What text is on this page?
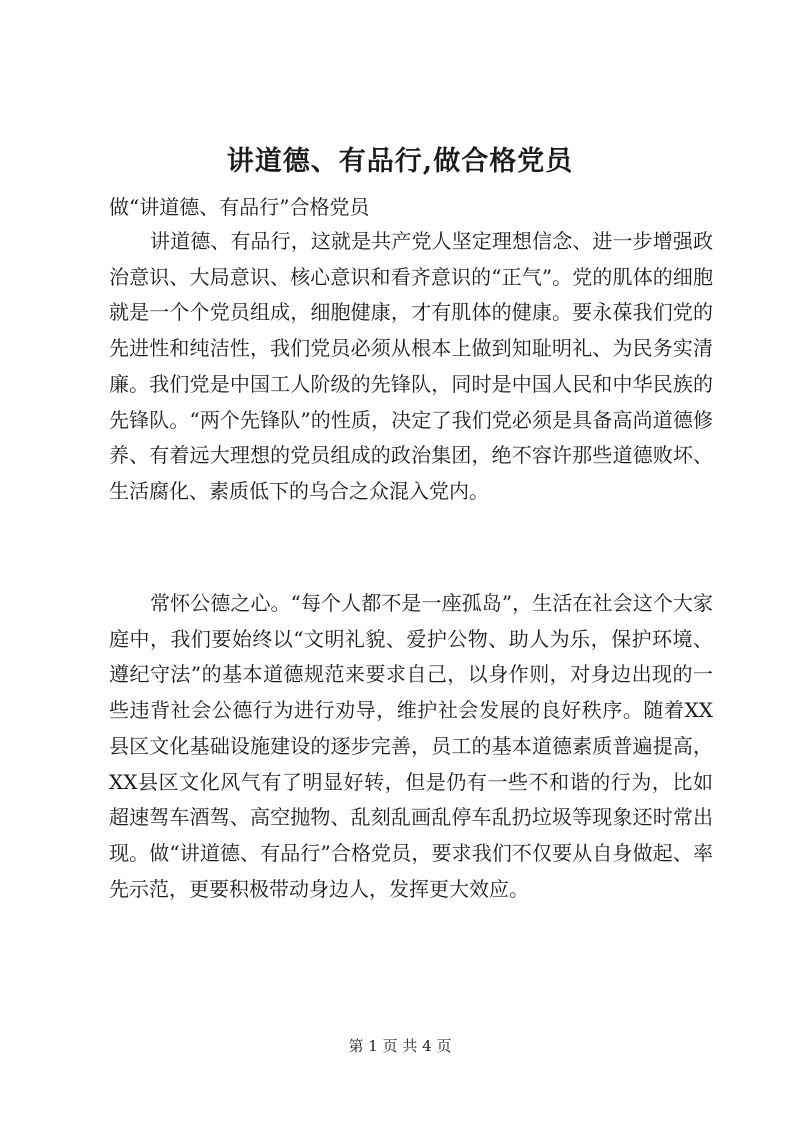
讲道德、有品行,做合格党员
做“讲道德、有品行”合格党员

讲道德、有品行，这就是共产党人坚定理想信念、进一步增强政治意识、大局意识、核心意识和看齐意识的“正气”。党的肌体的细胞就是一个个党员组成，细胞健康，才有肌体的健康。要永葆我们党的先进性和纯洁性，我们党员必须从根本上做到知耻明礼、为民务实清廉。我们党是中国工人阶级的先锋队，同时是中国人民和中华民族的先锋队。“两个先锋队”的性质，决定了我们党必须是具备高尚道德修养、有着远大理想的党员组成的政治集团，绝不容许那些道德败坏、生活腐化、素质低下的乌合之众混入党内。

常怀公德之心。“每个人都不是一座孤岛”，生活在社会这个大家庭中，我们要始终以“文明礼貌、爱护公物、助人为乐，保护环境、遵纪守法”的基本道德规范来要求自己，以身作则，对身边出现的一些违背社会公德行为进行劝导，维护社会发展的良好秩序。随着XX县区文化基础设施建设的逐步完善，员工的基本道德素质普遍提高，XX县区文化风气有了明显好转，但是仍有一些不和谐的行为，比如超速驾车酒驾、高空抛物、乱刻乱画乱停车乱扔垃圾等现象还时常出现。做“讲道德、有品行”合格党员，要求我们不仅要从自身做起、率先示范，更要积极带动身边人，发挥更大效应。

第 1 页 共 4 页
